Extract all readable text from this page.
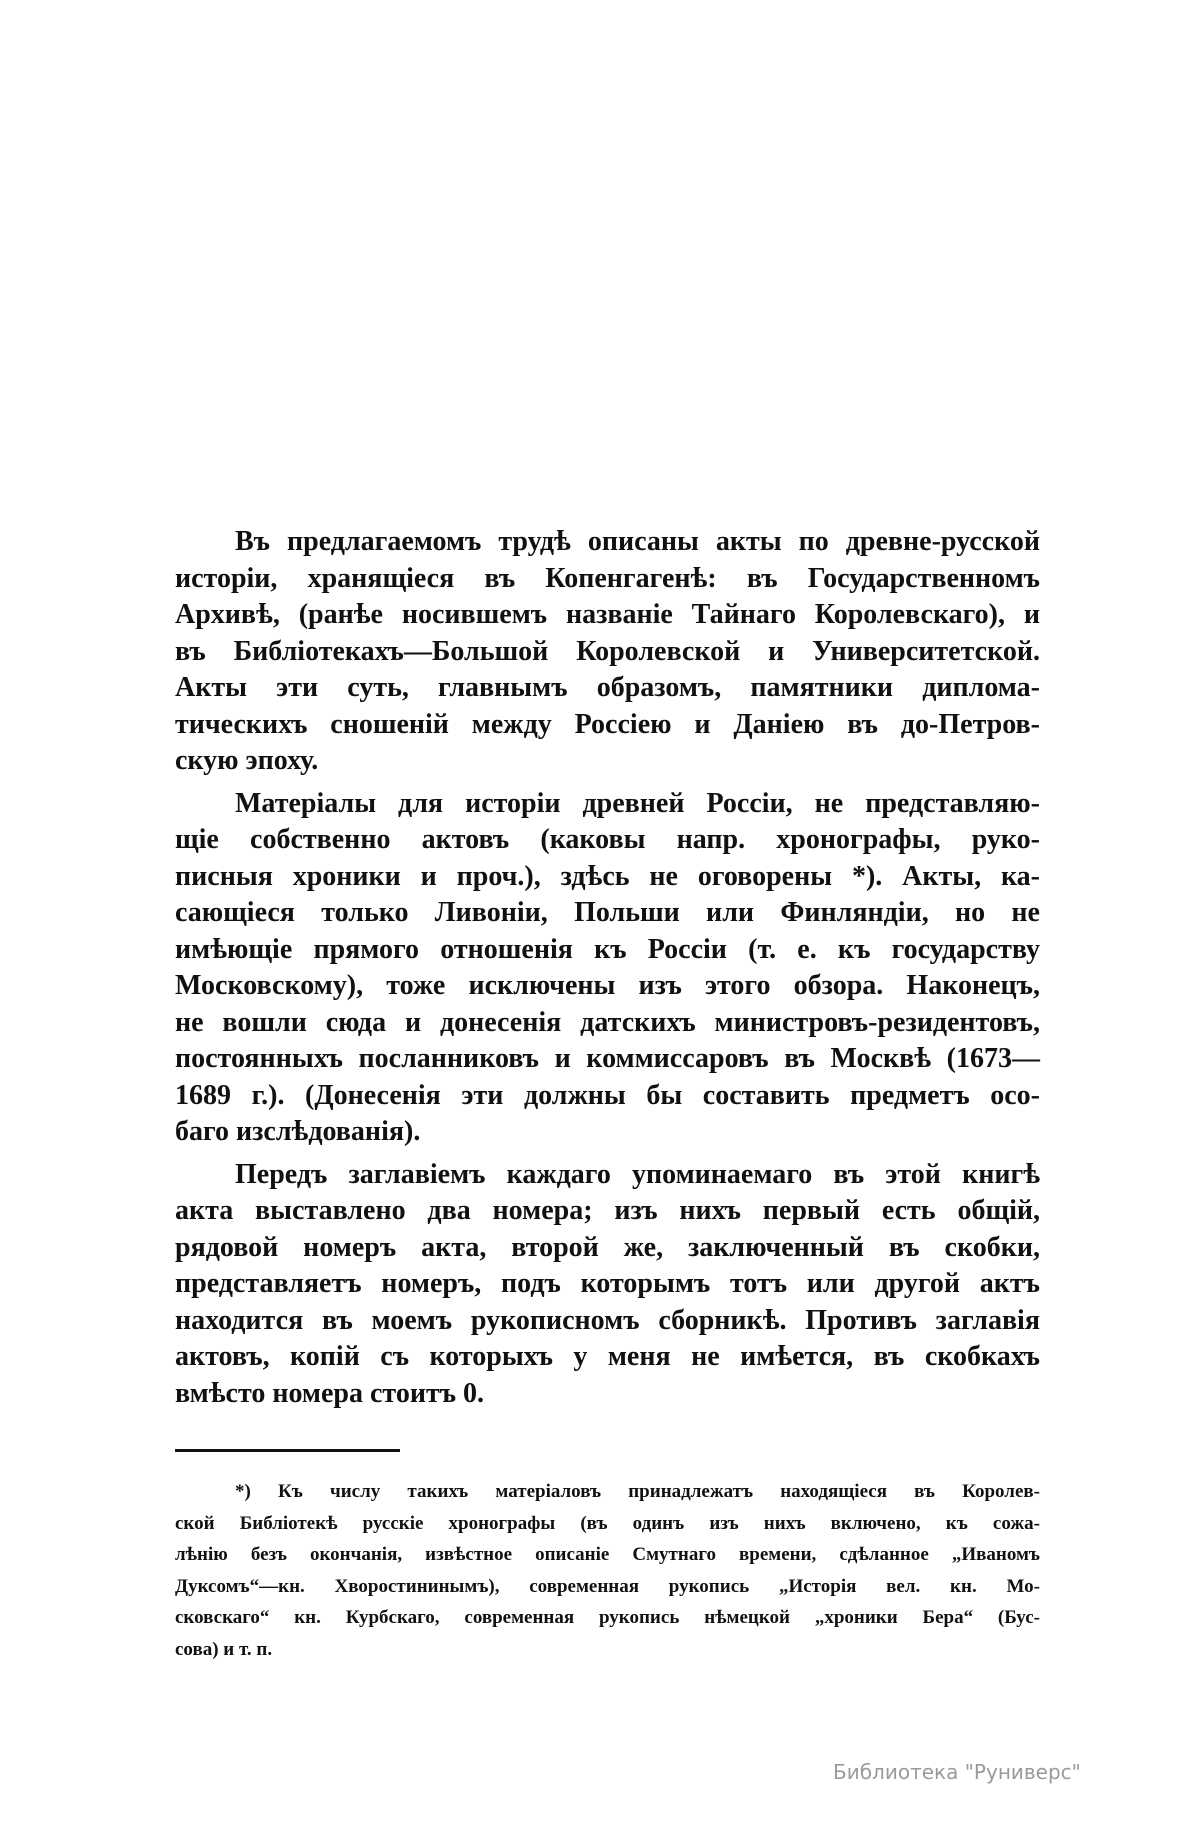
Въ предлагаемомъ трудѣ описаны акты по древне-русской
исторіи, хранящіеся въ Копенгагенѣ: въ Государственномъ
Архивѣ, (ранѣе носившемъ названіе Тайнаго Королевскаго), и
въ Библіотекахъ—Большой Королевской и Университетской.
Акты эти суть, главнымъ образомъ, памятники диплома-
тическихъ сношеній между Россіею и Даніею въ до-Петров-
скую эпоху.
Матеріалы для исторіи древней Россіи, не представляю-
щіе собственно актовъ (каковы напр. хронографы, руко-
писныя хроники и проч.), здѣсь не оговорены *). Акты, ка-
сающіеся только Ливоніи, Польши или Финляндіи, но не
имѣющіе прямого отношенія къ Россіи (т. е. къ государству
Московскому), тоже исключены изъ этого обзора. Наконецъ,
не вошли сюда и донесенія датскихъ министровъ-резидентовъ,
постоянныхъ посланниковъ и коммиссаровъ въ Москвѣ (1673—
1689 г.). (Донесенія эти должны бы составить предметъ осо-
баго изслѣдованія).
Передъ заглавіемъ каждаго упоминаемаго въ этой книгѣ
акта выставлено два номера; изъ нихъ первый есть общій,
рядовой номеръ акта, второй же, заключенный въ скобки,
представляетъ номеръ, подъ которымъ тотъ или другой актъ
находится въ моемъ рукописномъ сборникѣ. Противъ заглавія
актовъ, копій съ которыхъ у меня не имѣется, въ скобкахъ
вмѣсто номера стоитъ 0.
*) Къ числу такихъ матеріаловъ принадлежатъ находящіеся въ Королев-
ской Библіотекѣ русскіе хронографы (въ одинъ изъ нихъ включено, къ сожа-
лѣнію безъ окончанія, извѣстное описаніе Смутнаго времени, сдѣланное „Иваномъ
Дуксомъ“—кн. Хворостининымъ), современная рукопись „Исторія вел. кн. Мо-
сковскаго“ кн. Курбскаго, современная рукопись нѣмецкой „хроники Бера“ (Бус-
сова) и т. п.
Библиотека "Руниверс"
